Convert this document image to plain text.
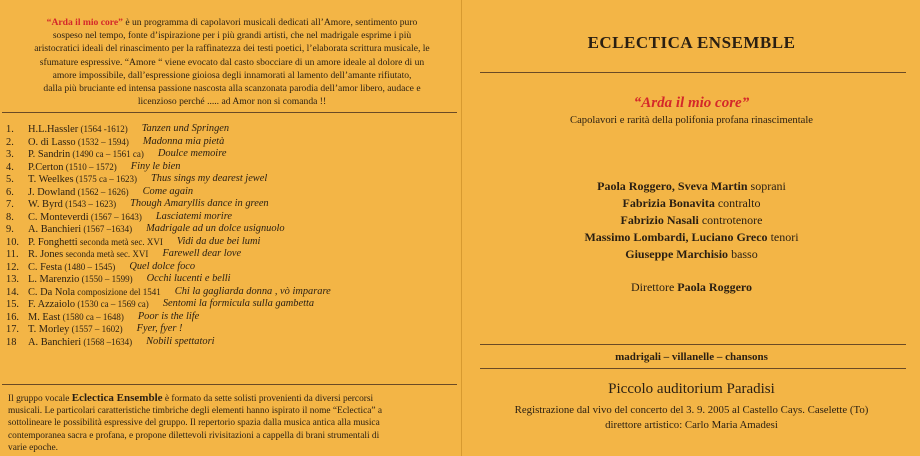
“Arda il mio core” è un programma di capolavori musicali dedicati all’Amore, sentimento puro
sospeso nel tempo, fonte d’ispirazione per i più grandi artisti, che nel madrigale esprime i più
aristocratici ideali del rinascimento per la raffinatezza dei testi poetici, l’elaborata scrittura musicale, le
sfumature espressive. “Amore “ viene evocato dal casto sbocciare di un amore ideale al dolore di un
amore impossibile, dall’espressione gioiosa degli innamorati al lamento dell’amante rifiutato,
dalla più bruciante ed intensa passione nascosta alla scanzonata parodia dell’amor libero, audace e
licenzioso perché ..... ad Amor non si comanda !!
1. H.L.Hassler (1564 -1612) Tanzen und Springen
2. O. di Lasso (1532 – 1594) Madonna mia pietà
3. P. Sandrin (1490 ca – 1561 ca) Doulce memoire
4. P.Certon (1510 – 1572) Finy le bien
5. T. Weelkes (1575 ca – 1623) Thus sings my dearest jewel
6. J. Dowland (1562 – 1626) Come again
7. W. Byrd (1543 – 1623) Though Amaryllis dance in green
8. C. Monteverdi (1567 – 1643) Lasciatemi morire
9. A. Banchieri (1567 –1634) Madrigale ad un dolce usignuolo
10. P. Fonghetti seconda metà sec. XVI Vidi da due bei lumi
11. R. Jones seconda metà sec. XVI Farewell dear love
12. C. Festa (1480 – 1545) Quel dolce foco
13. L. Marenzio (1550 – 1599) Occhi lucenti e belli
14. C. Da Nola composizione del 1541 Chi la gagliarda donna , vò imparare
15. F. Azzaiolo (1530 ca – 1569 ca) Sentomi la formicula sulla gambetta
16. M. East (1580 ca – 1648) Poor is the life
17. T. Morley (1557 – 1602) Fyer, fyer !
18 A. Banchieri (1568 –1634) Nobili spettatori
Il gruppo vocale Eclectica Ensemble è formato da sette solisti provenienti da diversi percorsi
musicali. Le particolari caratteristiche timbriche degli elementi hanno ispirato il nome “Eclectica” a
sottolineare le possibilità espressive del gruppo. Il repertorio spazia dalla musica antica alla musica
contemporanea sacra e profana, e propone dilettevoli rivisitazioni a cappella di brani strumentali di
varie epoche.
ECLECTICA ENSEMBLE
“Arda il mio core”
Capolavori e rarità della polifonia profana rinascimentale
Paola Roggero, Sveva Martin soprani
Fabrizia Bonavita contralto
Fabrizio Nasali controtenore
Massimo Lombardi, Luciano Greco tenori
Giuseppe Marchisio basso
Direttore Paola Roggero
madrigali – villanelle – chansons
Piccolo auditorium Paradisi
Registrazione dal vivo del concerto del 3. 9. 2005 al Castello Cays. Caselette (To)
direttore artistico: Carlo Maria Amadesi
